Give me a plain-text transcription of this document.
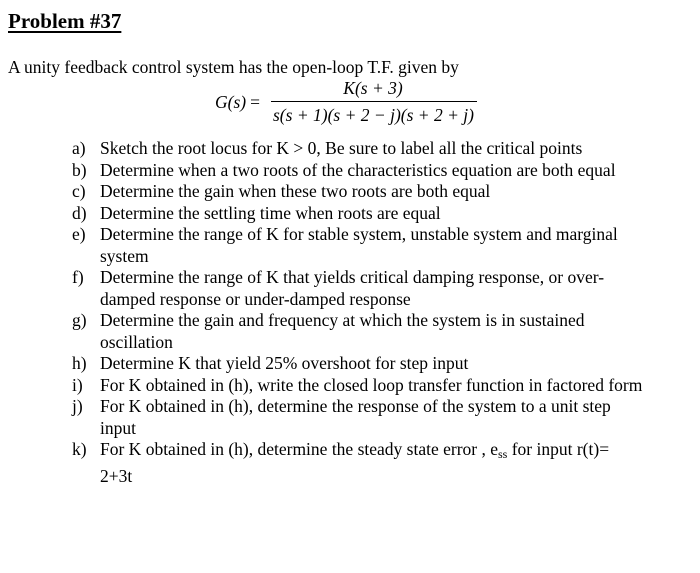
Problem #37
A unity feedback control system has the open-loop T.F. given by
G(s) =
K(s + 3)
s(s + 1)(s + 2 − j)(s + 2 + j)
a) Sketch the root locus for K > 0, Be sure to label all the critical points
b) Determine when a two roots of the characteristics equation are both equal
c) Determine the gain when these two roots are both equal
d) Determine the settling time when roots are equal
e) Determine the range of K for stable system, unstable system and marginal
system
f) Determine the range of K that yields critical damping response, or over-
damped response or under-damped response
g) Determine the gain and frequency at which the system is in sustained
oscillation
h) Determine K that yield 25% overshoot for step input
i) For K obtained in (h), write the closed loop transfer function in factored form
j) For K obtained in (h), determine the response of the system to a unit step
input
k) For K obtained in (h), determine the steady state error , $e_{ss}$ for input r(t)=
2+3t
